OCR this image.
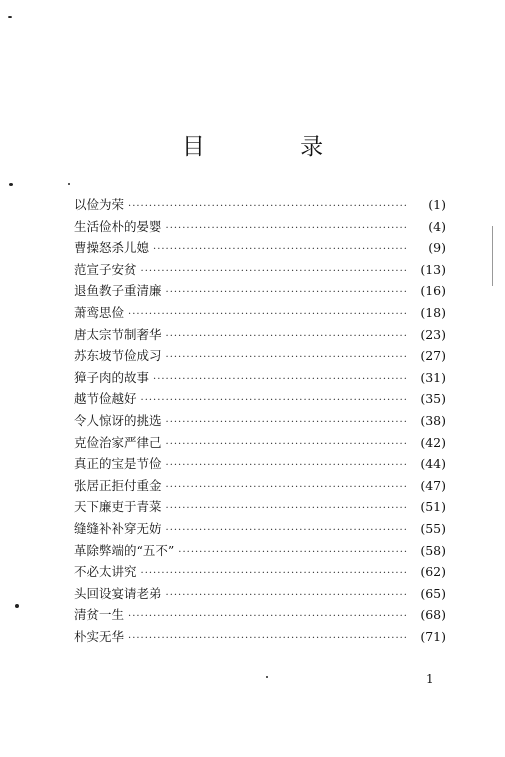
目 录
以俭为荣 ·····	(1)
生活俭朴的晏婴 ·····	(4)
曹操怒杀儿媳 ·····	(9)
范宣子安贫 ·····	(13)
退鱼教子重清廉 ·····	(16)
萧鸾思俭 ·····	(18)
唐太宗节制奢华 ·····	(23)
苏东坡节俭成习 ·····	(27)
獐子肉的故事 ·····	(31)
越节俭越好 ·····	(35)
令人惊讶的挑选 ·····	(38)
克俭治家严律己 ·····	(42)
真正的宝是节俭 ·····	(44)
张居正拒付重金 ·····	(47)
天下廉吏于青菜 ·····	(51)
缝缝补补穿无妨 ·····	(55)
革除弊端的“五不” ·····	(58)
不必太讲究 ·····	(62)
头回设宴请老弟 ·····	(65)
清贫一生 ·····	(68)
朴实无华 ·····	(71)
1
